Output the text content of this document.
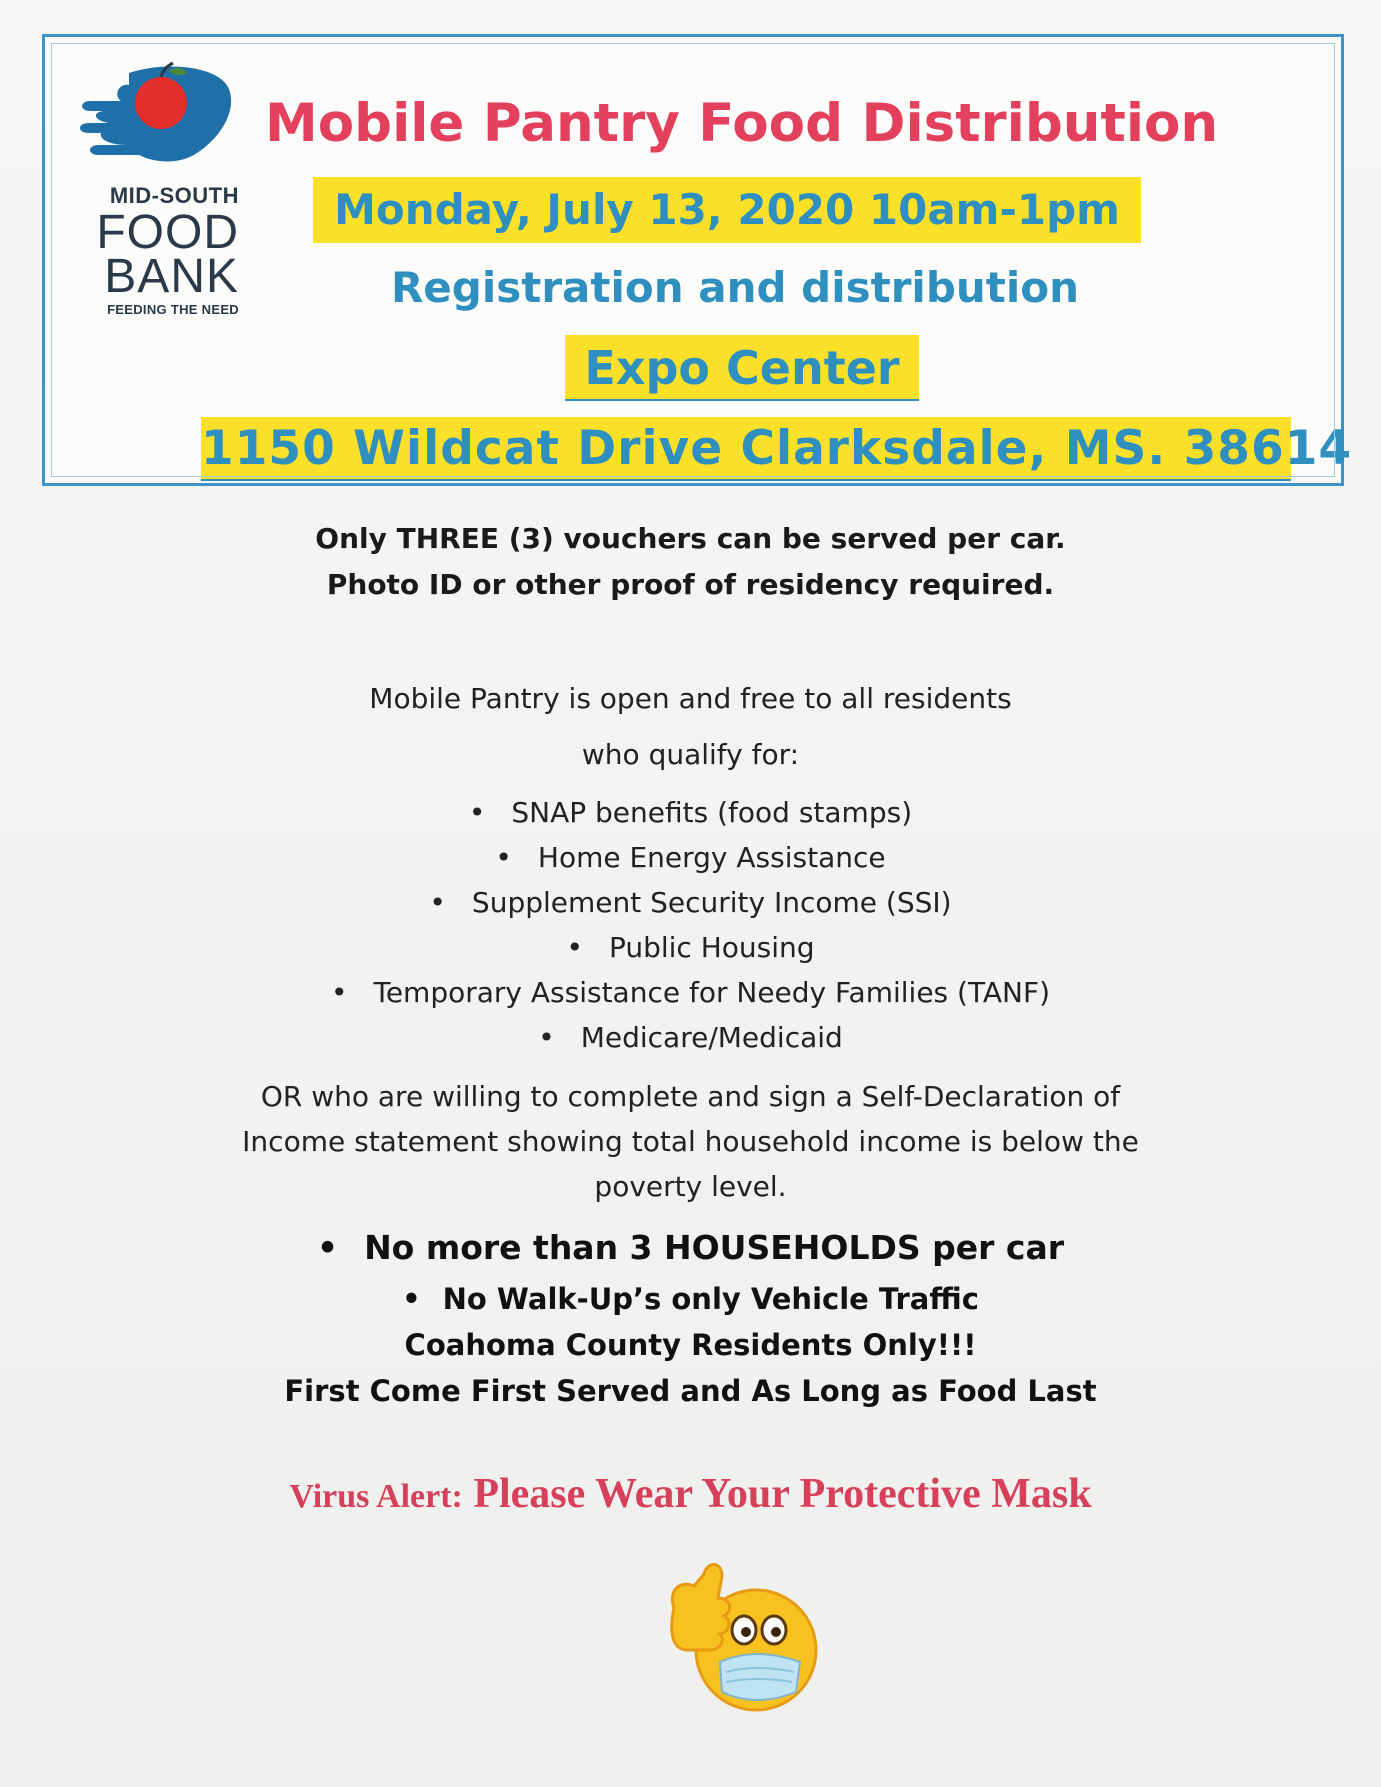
MID-SOUTH
FOOD
BANK
FEEDING THE NEED
Mobile Pantry Food Distribution
Monday, July 13, 2020 10am-1pm
Registration and distribution
Expo Center
1150 Wildcat Drive Clarksdale, MS. 38614
Only THREE (3) vouchers can be served per car.
Photo ID or other proof of residency required.
Mobile Pantry is open and free to all residents
who qualify for:
• SNAP benefits (food stamps)
• Home Energy Assistance
• Supplement Security Income (SSI)
• Public Housing
• Temporary Assistance for Needy Families (TANF)
• Medicare/Medicaid
OR who are willing to complete and sign a Self-Declaration of
Income statement showing total household income is below the
poverty level.
• No more than 3 HOUSEHOLDS per car
• No Walk-Up’s only Vehicle Traffic
Coahoma County Residents Only!!!
First Come First Served and As Long as Food Last
Virus Alert: Please Wear Your Protective Mask
